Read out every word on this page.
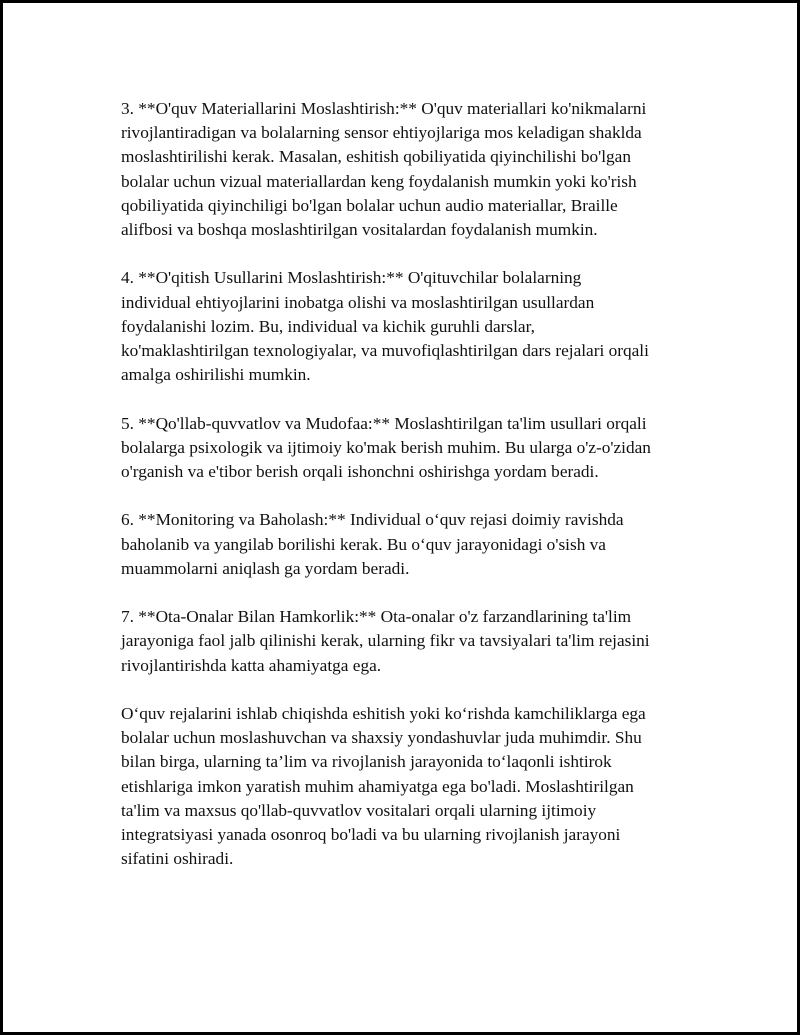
3. **O'quv Materiallarini Moslashtirish:** O'quv materiallari ko'nikmalarni
rivojlantiradigan va bolalarning sensor ehtiyojlariga mos keladigan shaklda
moslashtirilishi kerak. Masalan, eshitish qobiliyatida qiyinchilishi bo'lgan
bolalar uchun vizual materiallardan keng foydalanish mumkin yoki ko'rish
qobiliyatida qiyinchiligi bo'lgan bolalar uchun audio materiallar, Braille
alifbosi va boshqa moslashtirilgan vositalardan foydalanish mumkin.

4. **O'qitish Usullarini Moslashtirish:** O'qituvchilar bolalarning
individual ehtiyojlarini inobatga olishi va moslashtirilgan usullardan
foydalanishi lozim. Bu, individual va kichik guruhli darslar,
ko'maklashtirilgan texnologiyalar, va muvofiqlashtirilgan dars rejalari orqali
amalga oshirilishi mumkin.

5. **Qo'llab-quvvatlov va Mudofaa:** Moslashtirilgan ta'lim usullari orqali
bolalarga psixologik va ijtimoiy ko'mak berish muhim. Bu ularga o'z-o'zidan
o'rganish va e'tibor berish orqali ishonchni oshirishga yordam beradi.

6. **Monitoring va Baholash:** Individual o‘quv rejasi doimiy ravishda
baholanib va yangilab borilishi kerak. Bu o‘quv jarayonidagi o'sish va
muammolarni aniqlash ga yordam beradi.

7. **Ota-Onalar Bilan Hamkorlik:** Ota-onalar o'z farzandlarining ta'lim
jarayoniga faol jalb qilinishi kerak, ularning fikr va tavsiyalari ta'lim rejasini
rivojlantirishda katta ahamiyatga ega.

O‘quv rejalarini ishlab chiqishda eshitish yoki ko‘rishda kamchiliklarga ega
bolalar uchun moslashuvchan va shaxsiy yondashuvlar juda muhimdir. Shu
bilan birga, ularning ta’lim va rivojlanish jarayonida to‘laqonli ishtirok
etishlariga imkon yaratish muhim ahamiyatga ega bo'ladi. Moslashtirilgan
ta'lim va maxsus qo'llab-quvvatlov vositalari orqali ularning ijtimoiy
integratsiyasi yanada osonroq bo'ladi va bu ularning rivojlanish jarayoni
sifatini oshiradi.
